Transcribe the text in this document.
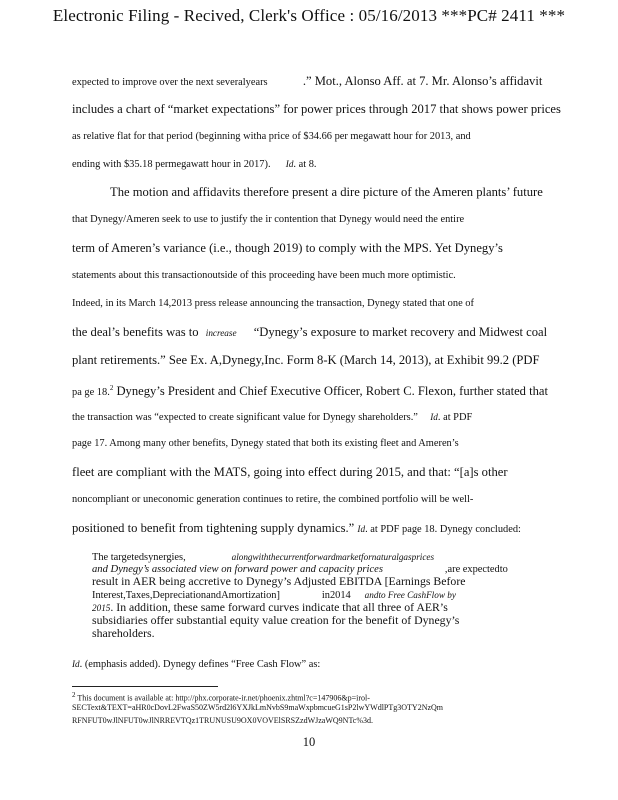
Electronic Filing - Recived, Clerk's Office : 05/16/2013 ***PC# 2411 ***
expected to improve over the next severalyears	.” Mot., Alonso Aff. at 7. Mr. Alonso’s affidavit
includes a chart of “market expectations” for power prices through 2017 that shows power prices
as relative flat for that period (beginning witha price of $34.66 per megawatt hour for 2013, and
ending with $35.18 permegawatt hour in 2017). Id. at 8.
The motion and affidavits therefore present a dire picture of the Ameren plants’ future
that Dynegy/Ameren seek to use to justify the ir contention that Dynegy would need the entire
term of Ameren’s variance (i.e., though 2019) to comply with the MPS. Yet Dynegy’s
statements about this transactionoutside of this proceeding have been much more optimistic.
Indeed, in its March 14,2013 press release announcing the transaction, Dynegy stated that one of
the deal’s benefits was to increase “Dynegy’s exposure to market recovery and Midwest coal
plant retirements.” See Ex. A,Dynegy,Inc. Form 8-K (March 14, 2013), at Exhibit 99.2 (PDF
pa ge 18.$^2$ Dynegy’s President and Chief Executive Officer, Robert C. Flexon, further stated that
the transaction was “expected to create significant value for Dynegy shareholders.” Id. at PDF
page 17. Among many other benefits, Dynegy stated that both its existing fleet and Ameren’s
fleet are compliant with the MATS, going into effect during 2015, and that: “[a]s other
noncompliant or uneconomic generation continues to retire, the combined portfolio will be well-
positioned to benefit from tightening supply dynamics.” Id. at PDF page 18. Dynegy concluded:
The targetedsynergies,	alongwiththecurrentforwardmarketfornaturalgasprices
and Dynegy’s associated view on forward power and capacity prices	,are expectedto
result in AER being accretive to Dynegy’s Adjusted EBITDA [Earnings Before
Interest,Taxes,DepreciationandAmortization]	in2014 andto Free CashFlow by
2015. In addition, these same forward curves indicate that all three of AER’s
subsidiaries offer substantial equity value creation for the benefit of Dynegy’s
shareholders.
Id. (emphasis added). Dynegy defines “Free Cash Flow” as:
$^2$ This document is available at: http://phx.corporate-ir.net/phoenix.zhtml?c=147906&p=irol-
SECText&TEXT=aHR0cDovL2FwaS50ZW5rd2l6YXJkLmNvbS9maWxpbmcueG1sP2lwYWdlPTg3OTY2NzQm
RFNFUT0wJlNFUT0wJlNRREVTQz1TRUNUSU9OX0VOVElSRSZzdWJzaWQ9NTc%3d.
10
